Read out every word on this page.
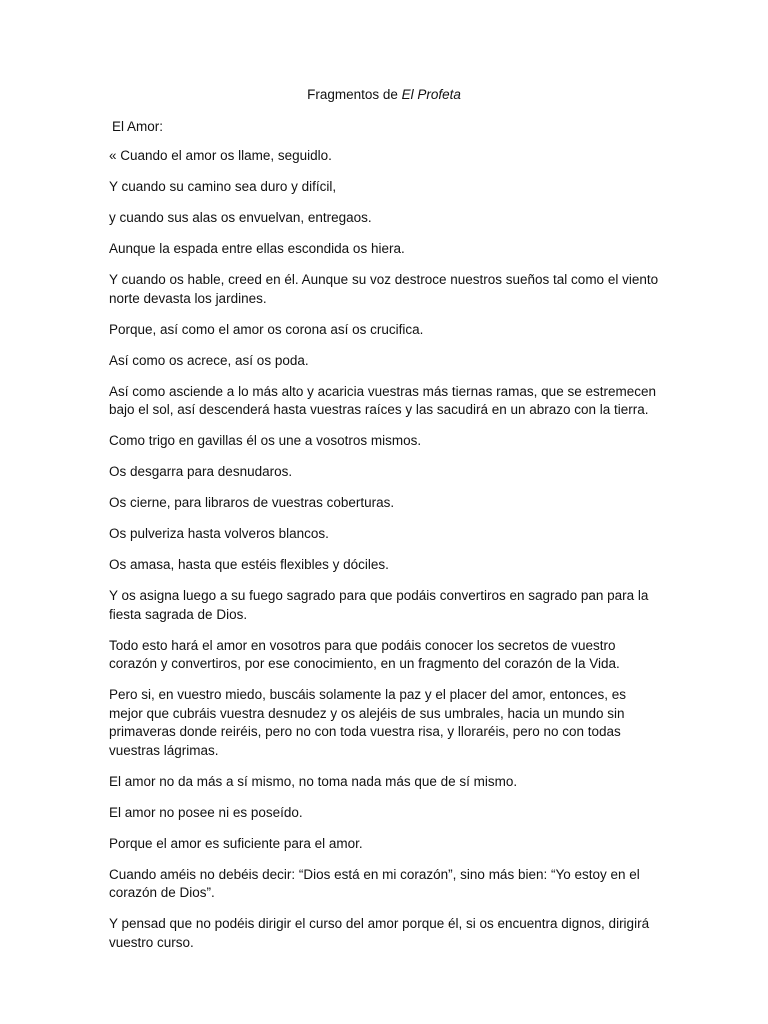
Fragmentos de El Profeta
El Amor:

« Cuando el amor os llame, seguidlo.

Y cuando su camino sea duro y difícil,

y cuando sus alas os envuelvan, entregaos.

Aunque la espada entre ellas escondida os hiera.

Y cuando os hable, creed en él. Aunque su voz destroce nuestros sueños tal como el viento norte devasta los jardines.

Porque, así como el amor os corona así os crucifica.

Así como os acrece, así os poda.

Así como asciende a lo más alto y acaricia vuestras más tiernas ramas, que se estremecen bajo el sol, así descenderá hasta vuestras raíces y las sacudirá en un abrazo con la tierra.

Como trigo en gavillas él os une a vosotros mismos.

Os desgarra para desnudaros.

Os cierne, para libraros de vuestras coberturas.

Os pulveriza hasta volveros blancos.

Os amasa, hasta que estéis flexibles y dóciles.

Y os asigna luego a su fuego sagrado para que podáis convertiros en sagrado pan para la fiesta sagrada de Dios.

Todo esto hará el amor en vosotros para que podáis conocer los secretos de vuestro corazón y convertiros, por ese conocimiento, en un fragmento del corazón de la Vida.

Pero si, en vuestro miedo, buscáis solamente la paz y el placer del amor, entonces, es mejor que cubráis vuestra desnudez y os alejéis de sus umbrales, hacia un mundo sin primaveras donde reiréis, pero no con toda vuestra risa, y lloraréis, pero no con todas vuestras lágrimas.

El amor no da más a sí mismo, no toma nada más que de sí mismo.

El amor no posee ni es poseído.

Porque el amor es suficiente para el amor.

Cuando améis no debéis decir: “Dios está en mi corazón”, sino más bien: “Yo estoy en el corazón de Dios”.

Y pensad que no podéis dirigir el curso del amor porque él, si os encuentra dignos, dirigirá vuestro curso.
